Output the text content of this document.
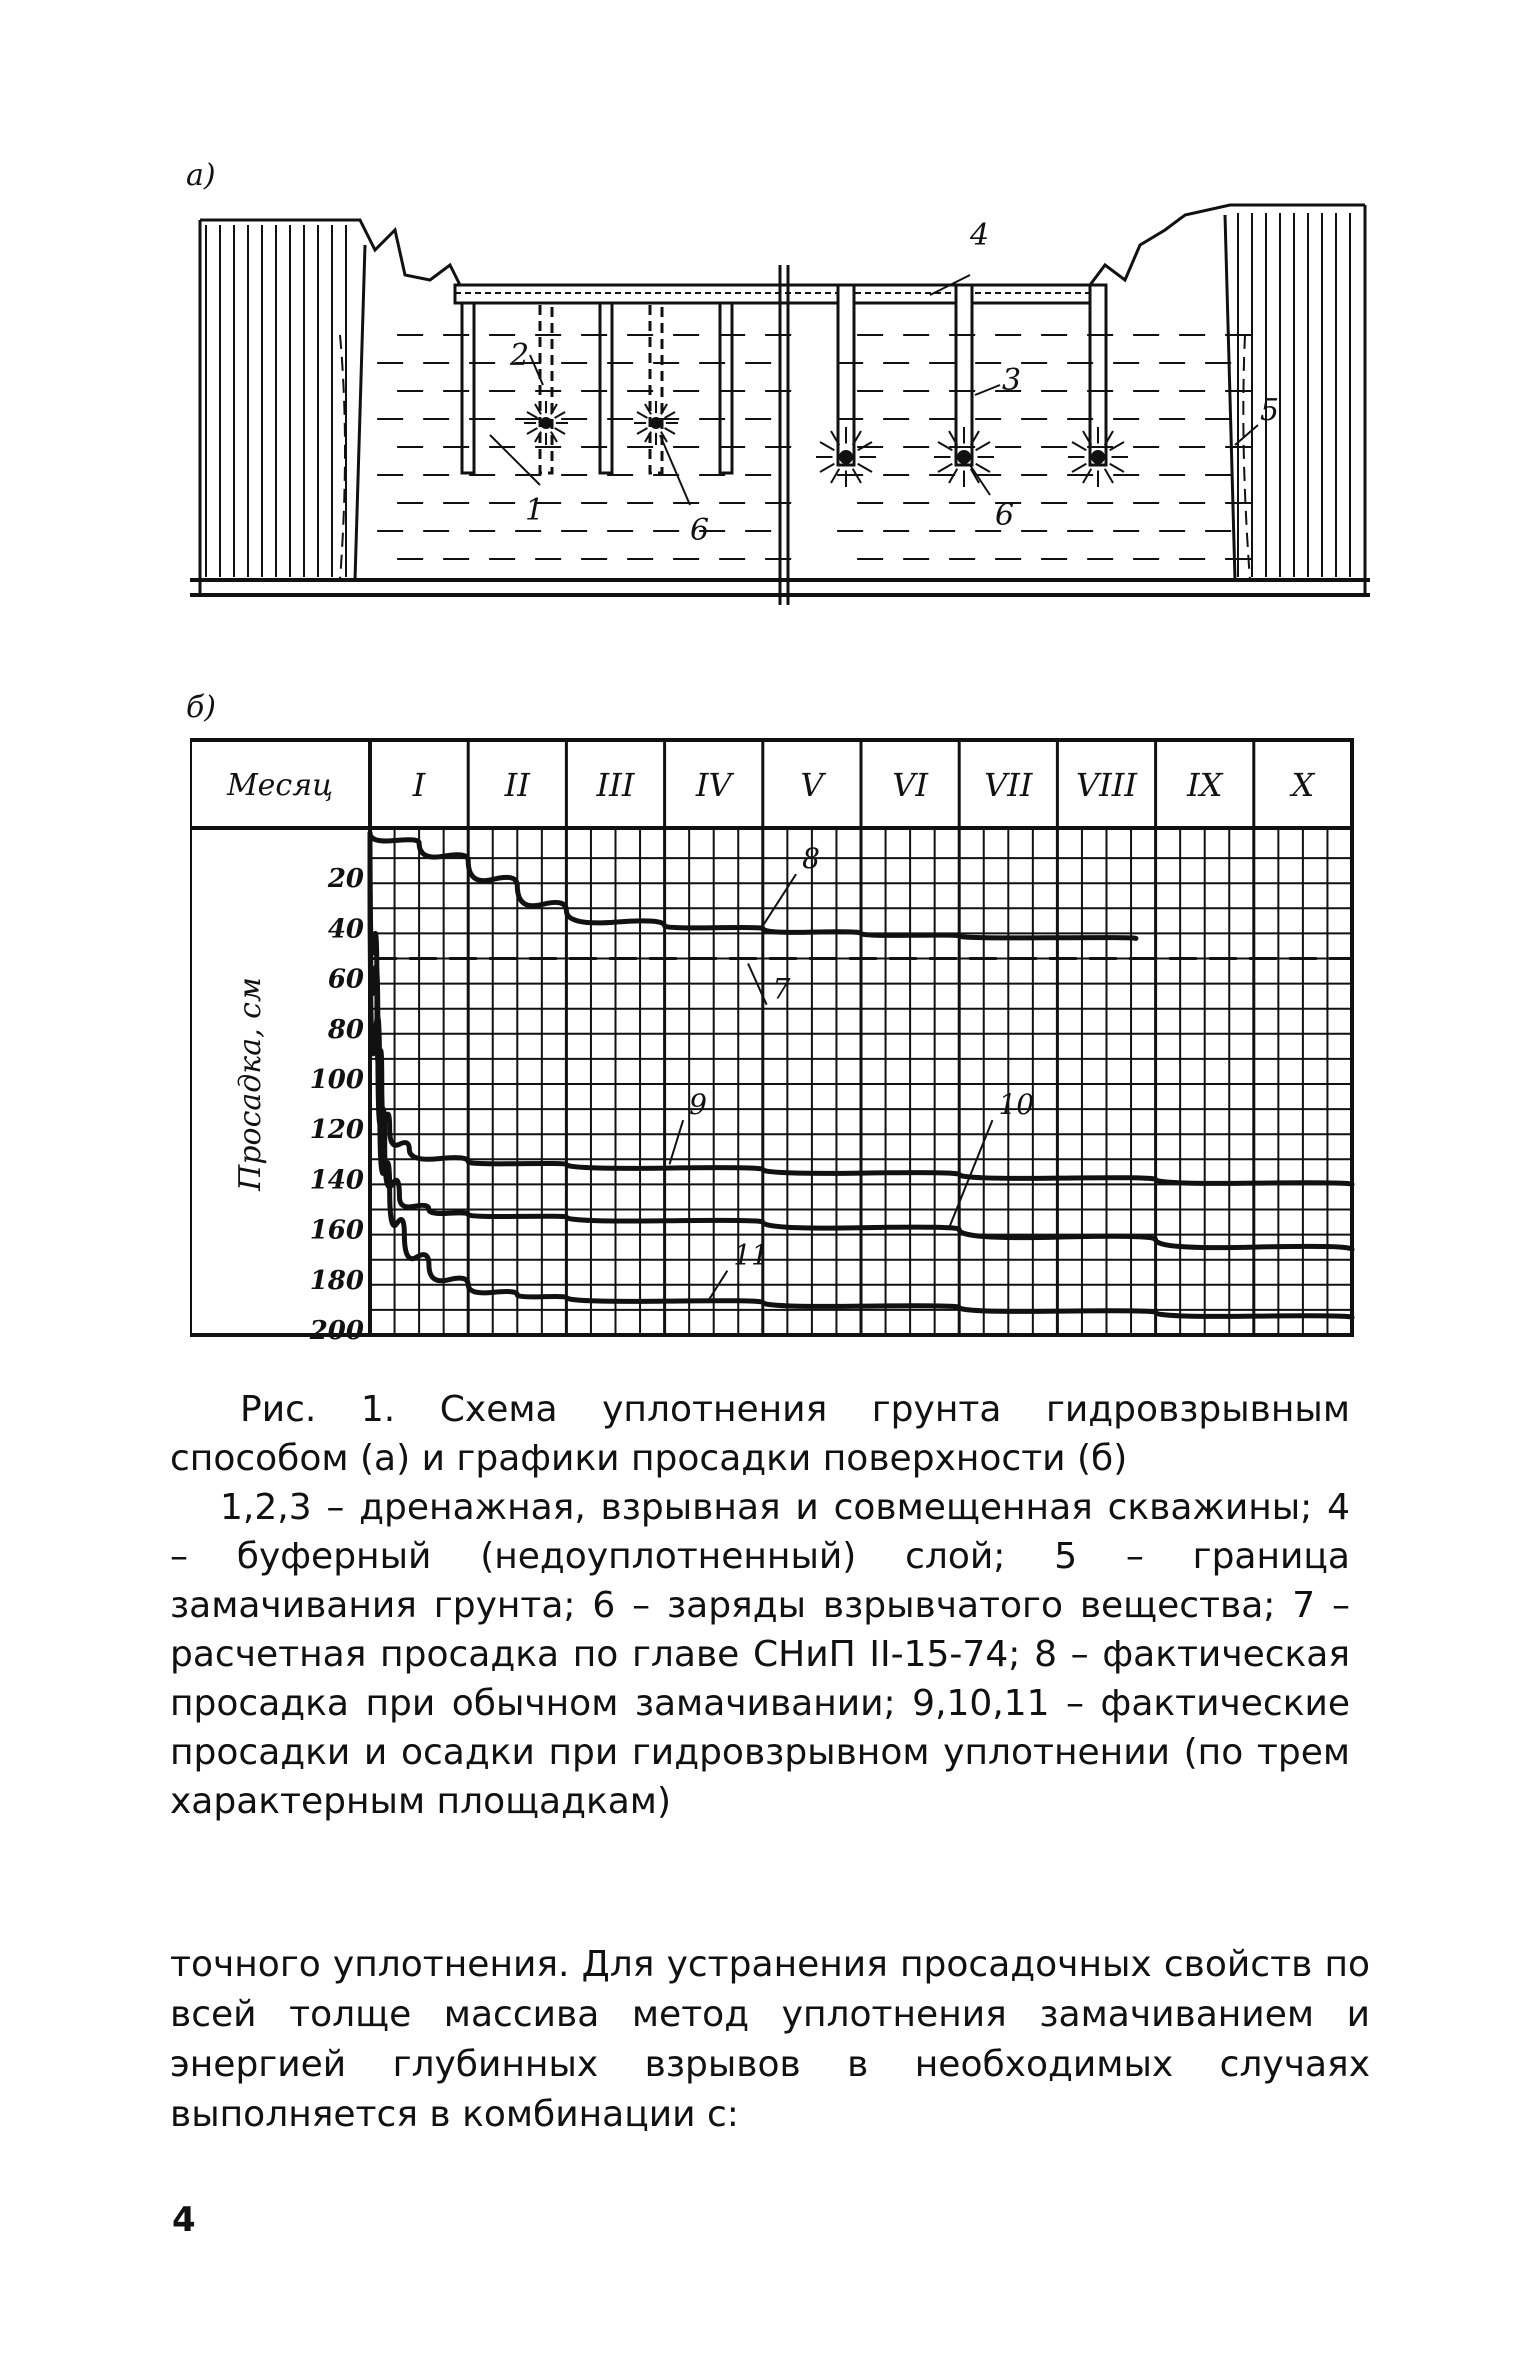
а)
1
2
3
4
5
6	6
б)
Месяц I II III IV V VI VII VIII IX X
20
40
60
80
100
120
140
160
180
200
Просадка, см	7
8
9	10
11

Рис. 1. Схема уплотнения грунта гидровзрывным способом (а) и графики просадки поверхности (б)

1,2,3 – дренажная, взрывная и совмещенная скважины; 4 – буферный (недоуплотненный) слой; 5 – граница замачивания грунта; 6 – заряды взрывчатого вещества; 7 – расчетная просадка по главе СНиП II-15-74; 8 – фактическая просадка при обычном замачивании; 9,10,11 – фактические просадки и осадки при гидровзрывном уплотнении (по трем характерным площадкам)

точного уплотнения. Для устранения просадочных свойств по всей толще массива метод уплотнения замачиванием и энергией глубинных взрывов в необходимых случаях выполняется в комбинации с:
4
